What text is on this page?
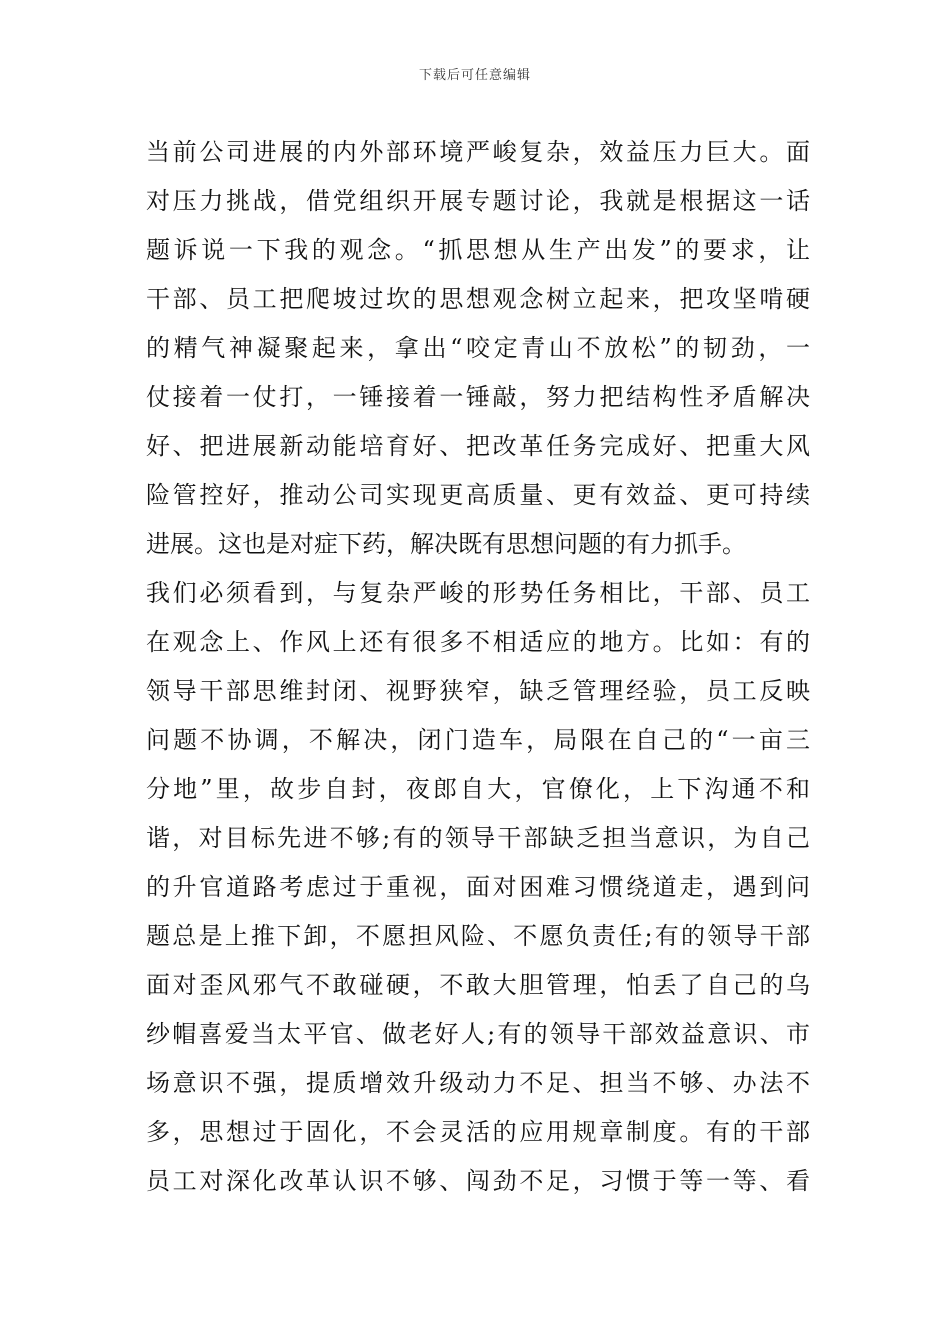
下载后可任意编辑
当前公司进展的内外部环境严峻复杂，效益压力巨大。面
对压力挑战，借党组织开展专题讨论，我就是根据这一话
题诉说一下我的观念。“抓思想从生产出发”的要求，让
干部、员工把爬坡过坎的思想观念树立起来，把攻坚啃硬
的精气神凝聚起来，拿出“咬定青山不放松”的韧劲，一
仗接着一仗打，一锤接着一锤敲，努力把结构性矛盾解决
好、把进展新动能培育好、把改革任务完成好、把重大风
险管控好，推动公司实现更高质量、更有效益、更可持续
进展。这也是对症下药，解决既有思想问题的有力抓手。
我们必须看到，与复杂严峻的形势任务相比，干部、员工
在观念上、作风上还有很多不相适应的地方。比如：有的
领导干部思维封闭、视野狭窄，缺乏管理经验，员工反映
问题不协调，不解决，闭门造车，局限在自己的“一亩三
分地”里，故步自封，夜郎自大，官僚化，上下沟通不和
谐，对目标先进不够;有的领导干部缺乏担当意识，为自己
的升官道路考虑过于重视，面对困难习惯绕道走，遇到问
题总是上推下卸，不愿担风险、不愿负责任;有的领导干部
面对歪风邪气不敢碰硬，不敢大胆管理，怕丢了自己的乌
纱帽喜爱当太平官、做老好人;有的领导干部效益意识、市
场意识不强，提质增效升级动力不足、担当不够、办法不
多，思想过于固化，不会灵活的应用规章制度。有的干部
员工对深化改革认识不够、闯劲不足，习惯于等一等、看
